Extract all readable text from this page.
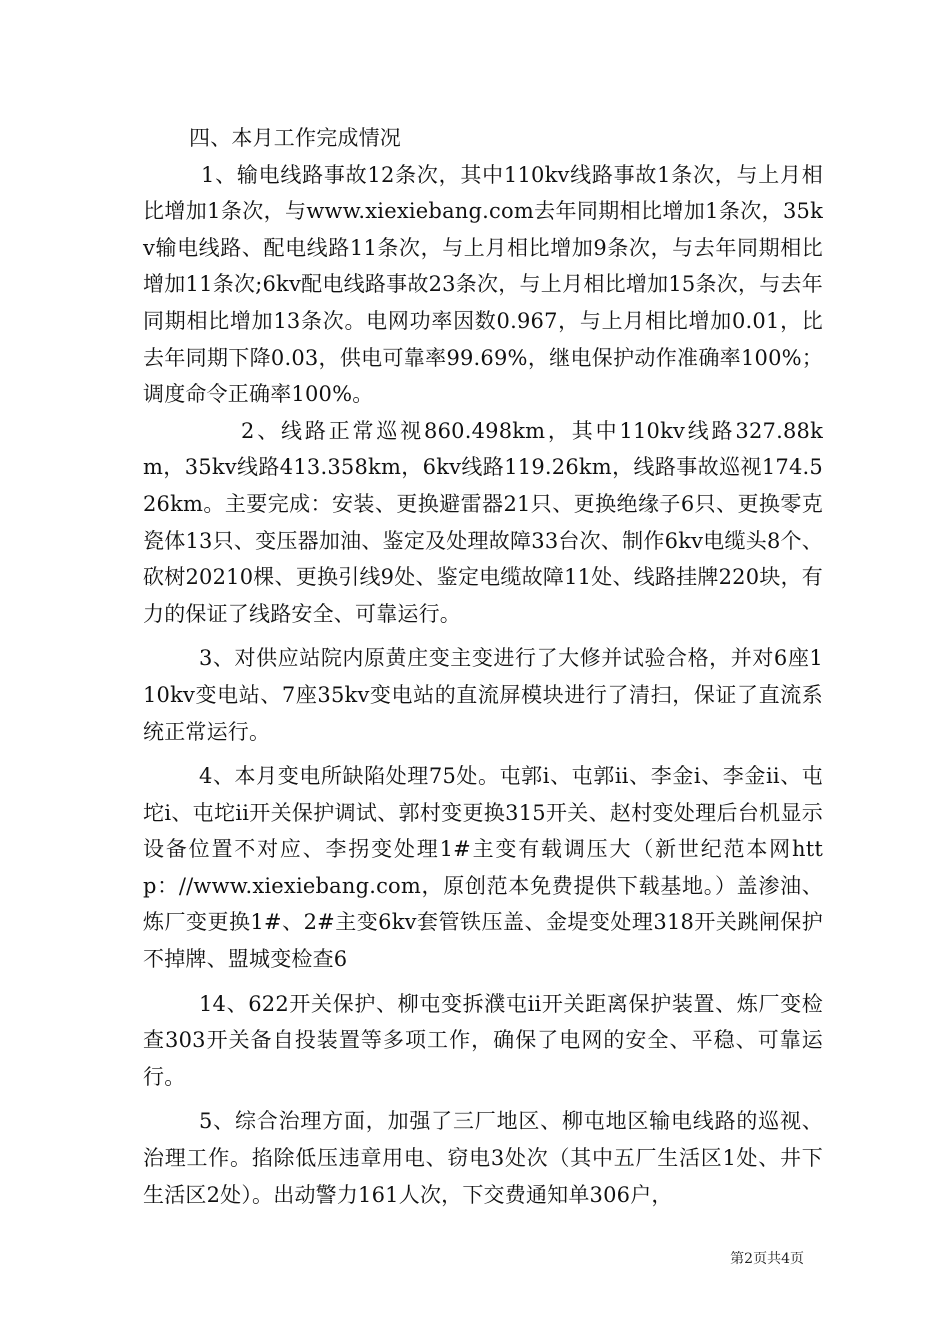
四、本月工作完成情况

1、输电线路事故12条次，其中110kv线路事故1条次，与上月相比增加1条次，与www.xiexiebang.com去年同期相比增加1条次，35kv输电线路、配电线路11条次，与上月相比增加9条次，与去年同期相比增加11条次;6kv配电线路事故23条次，与上月相比增加15条次，与去年同期相比增加13条次。电网功率因数0.967，与上月相比增加0.01，比去年同期下降0.03，供电可靠率99.69%，继电保护动作准确率100%；调度命令正确率100%。

2、线路正常巡视860.498km，其中110kv线路327.88km，35kv线路413.358km，6kv线路119.26km，线路事故巡视174.526km。主要完成：安装、更换避雷器21只、更换绝缘子6只、更换零克瓷体13只、变压器加油、鉴定及处理故障33台次、制作6kv电缆头8个、砍树20210棵、更换引线9处、鉴定电缆故障11处、线路挂牌220块，有力的保证了线路安全、可靠运行。

3、对供应站院内原黄庄变主变进行了大修并试验合格，并对6座110kv变电站、7座35kv变电站的直流屏模块进行了清扫，保证了直流系统正常运行。

4、本月变电所缺陷处理75处。屯郭i、屯郭ii、李金i、李金ii、屯坨i、屯坨ii开关保护调试、郭村变更换315开关、赵村变处理后台机显示设备位置不对应、李拐变处理1#主变有载调压大（新世纪范本网http：//www.xiexiebang.com，原创范本免费提供下载基地。）盖渗油、炼厂变更换1#、2#主变6kv套管铁压盖、金堤变处理318开关跳闸保护不掉牌、盟城变检查6

14、622开关保护、柳屯变拆濮屯ii开关距离保护装置、炼厂变检查303开关备自投装置等多项工作，确保了电网的安全、平稳、可靠运行。

5、综合治理方面，加强了三厂地区、柳屯地区输电线路的巡视、治理工作。掐除低压违章用电、窃电3处次（其中五厂生活区1处、井下生活区2处）。出动警力161人次，下交费通知单306户，

第2页共4页
